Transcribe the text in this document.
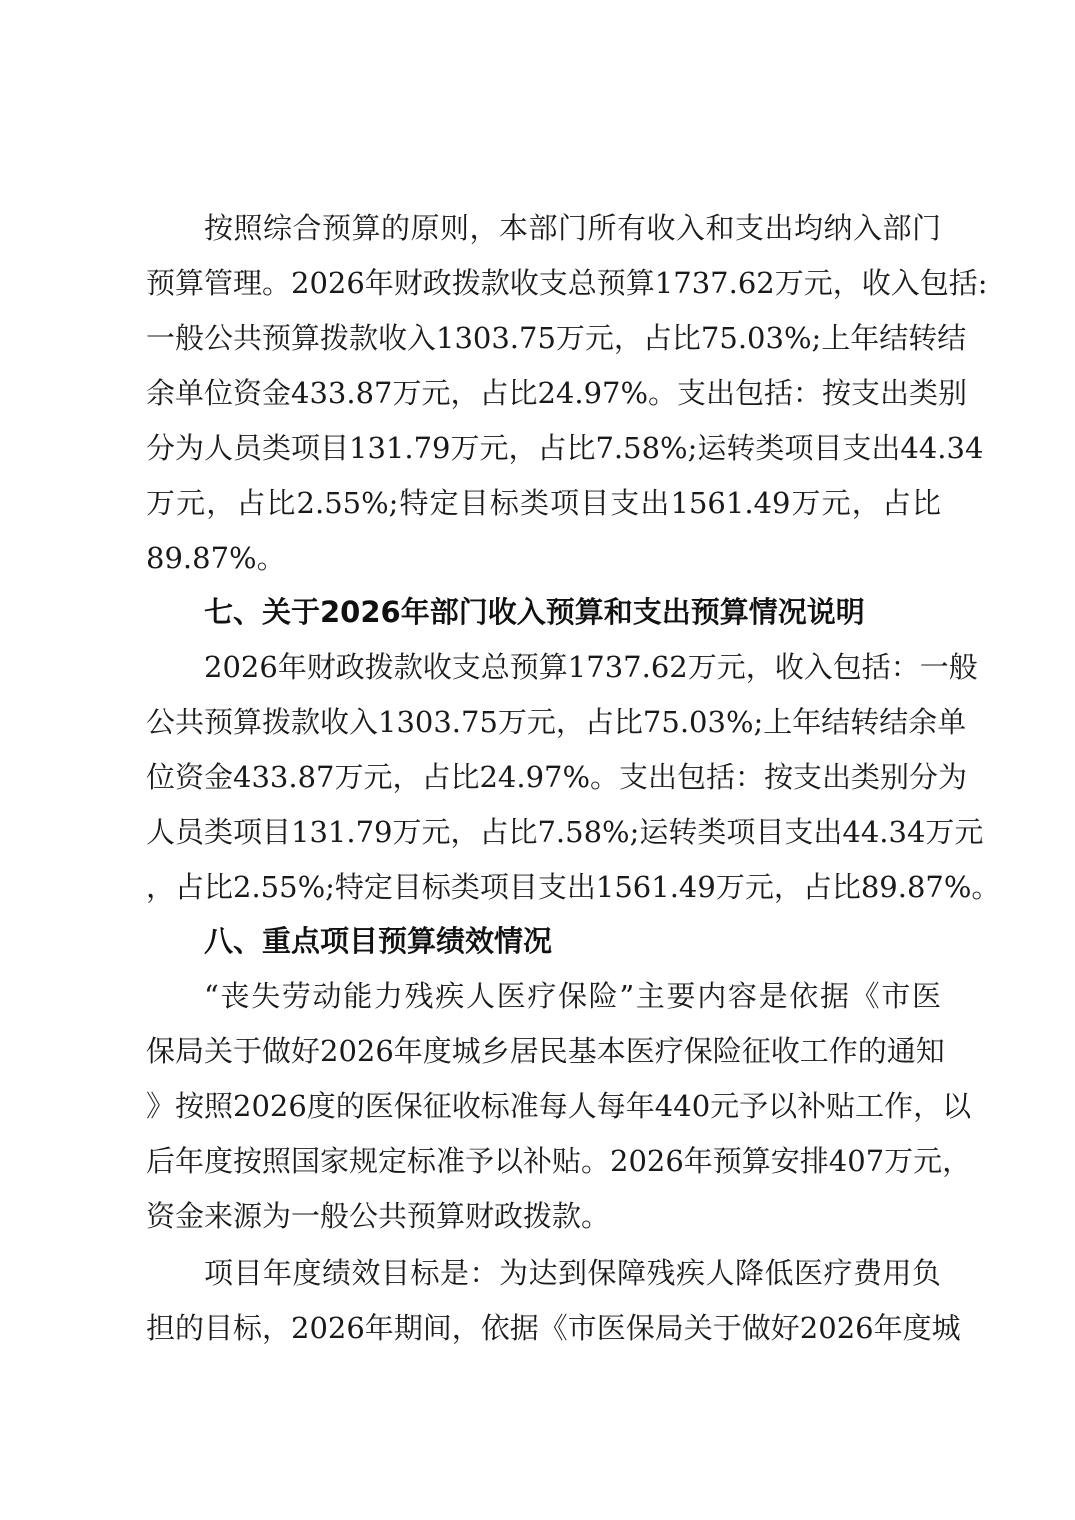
按照综合预算的原则，本部门所有收入和支出均纳入部门
预算管理。2026年财政拨款收支总预算1737.62万元，收入包括:
一般公共预算拨款收入1303.75万元，占比75.03%;上年结转结
余单位资金433.87万元，占比24.97%。支出包括：按支出类别
分为人员类项目131.79万元，占比7.58%;运转类项目支出44.34
万元，占比2.55%;特定目标类项目支出1561.49万元，占比
89.87%。
七、关于2026年部门收入预算和支出预算情况说明
2026年财政拨款收支总预算1737.62万元，收入包括：一般
公共预算拨款收入1303.75万元，占比75.03%;上年结转结余单
位资金433.87万元，占比24.97%。支出包括：按支出类别分为
人员类项目131.79万元，占比7.58%;运转类项目支出44.34万元
，占比2.55%;特定目标类项目支出1561.49万元，占比89.87%。
八、重点项目预算绩效情况
“丧失劳动能力残疾人医疗保险”主要内容是依据《市医
保局关于做好2026年度城乡居民基本医疗保险征收工作的通知
》按照2026度的医保征收标准每人每年440元予以补贴工作，以
后年度按照国家规定标准予以补贴。2026年预算安排407万元，
资金来源为一般公共预算财政拨款。
项目年度绩效目标是：为达到保障残疾人降低医疗费用负
担的目标，2026年期间，依据《市医保局关于做好2026年度城
